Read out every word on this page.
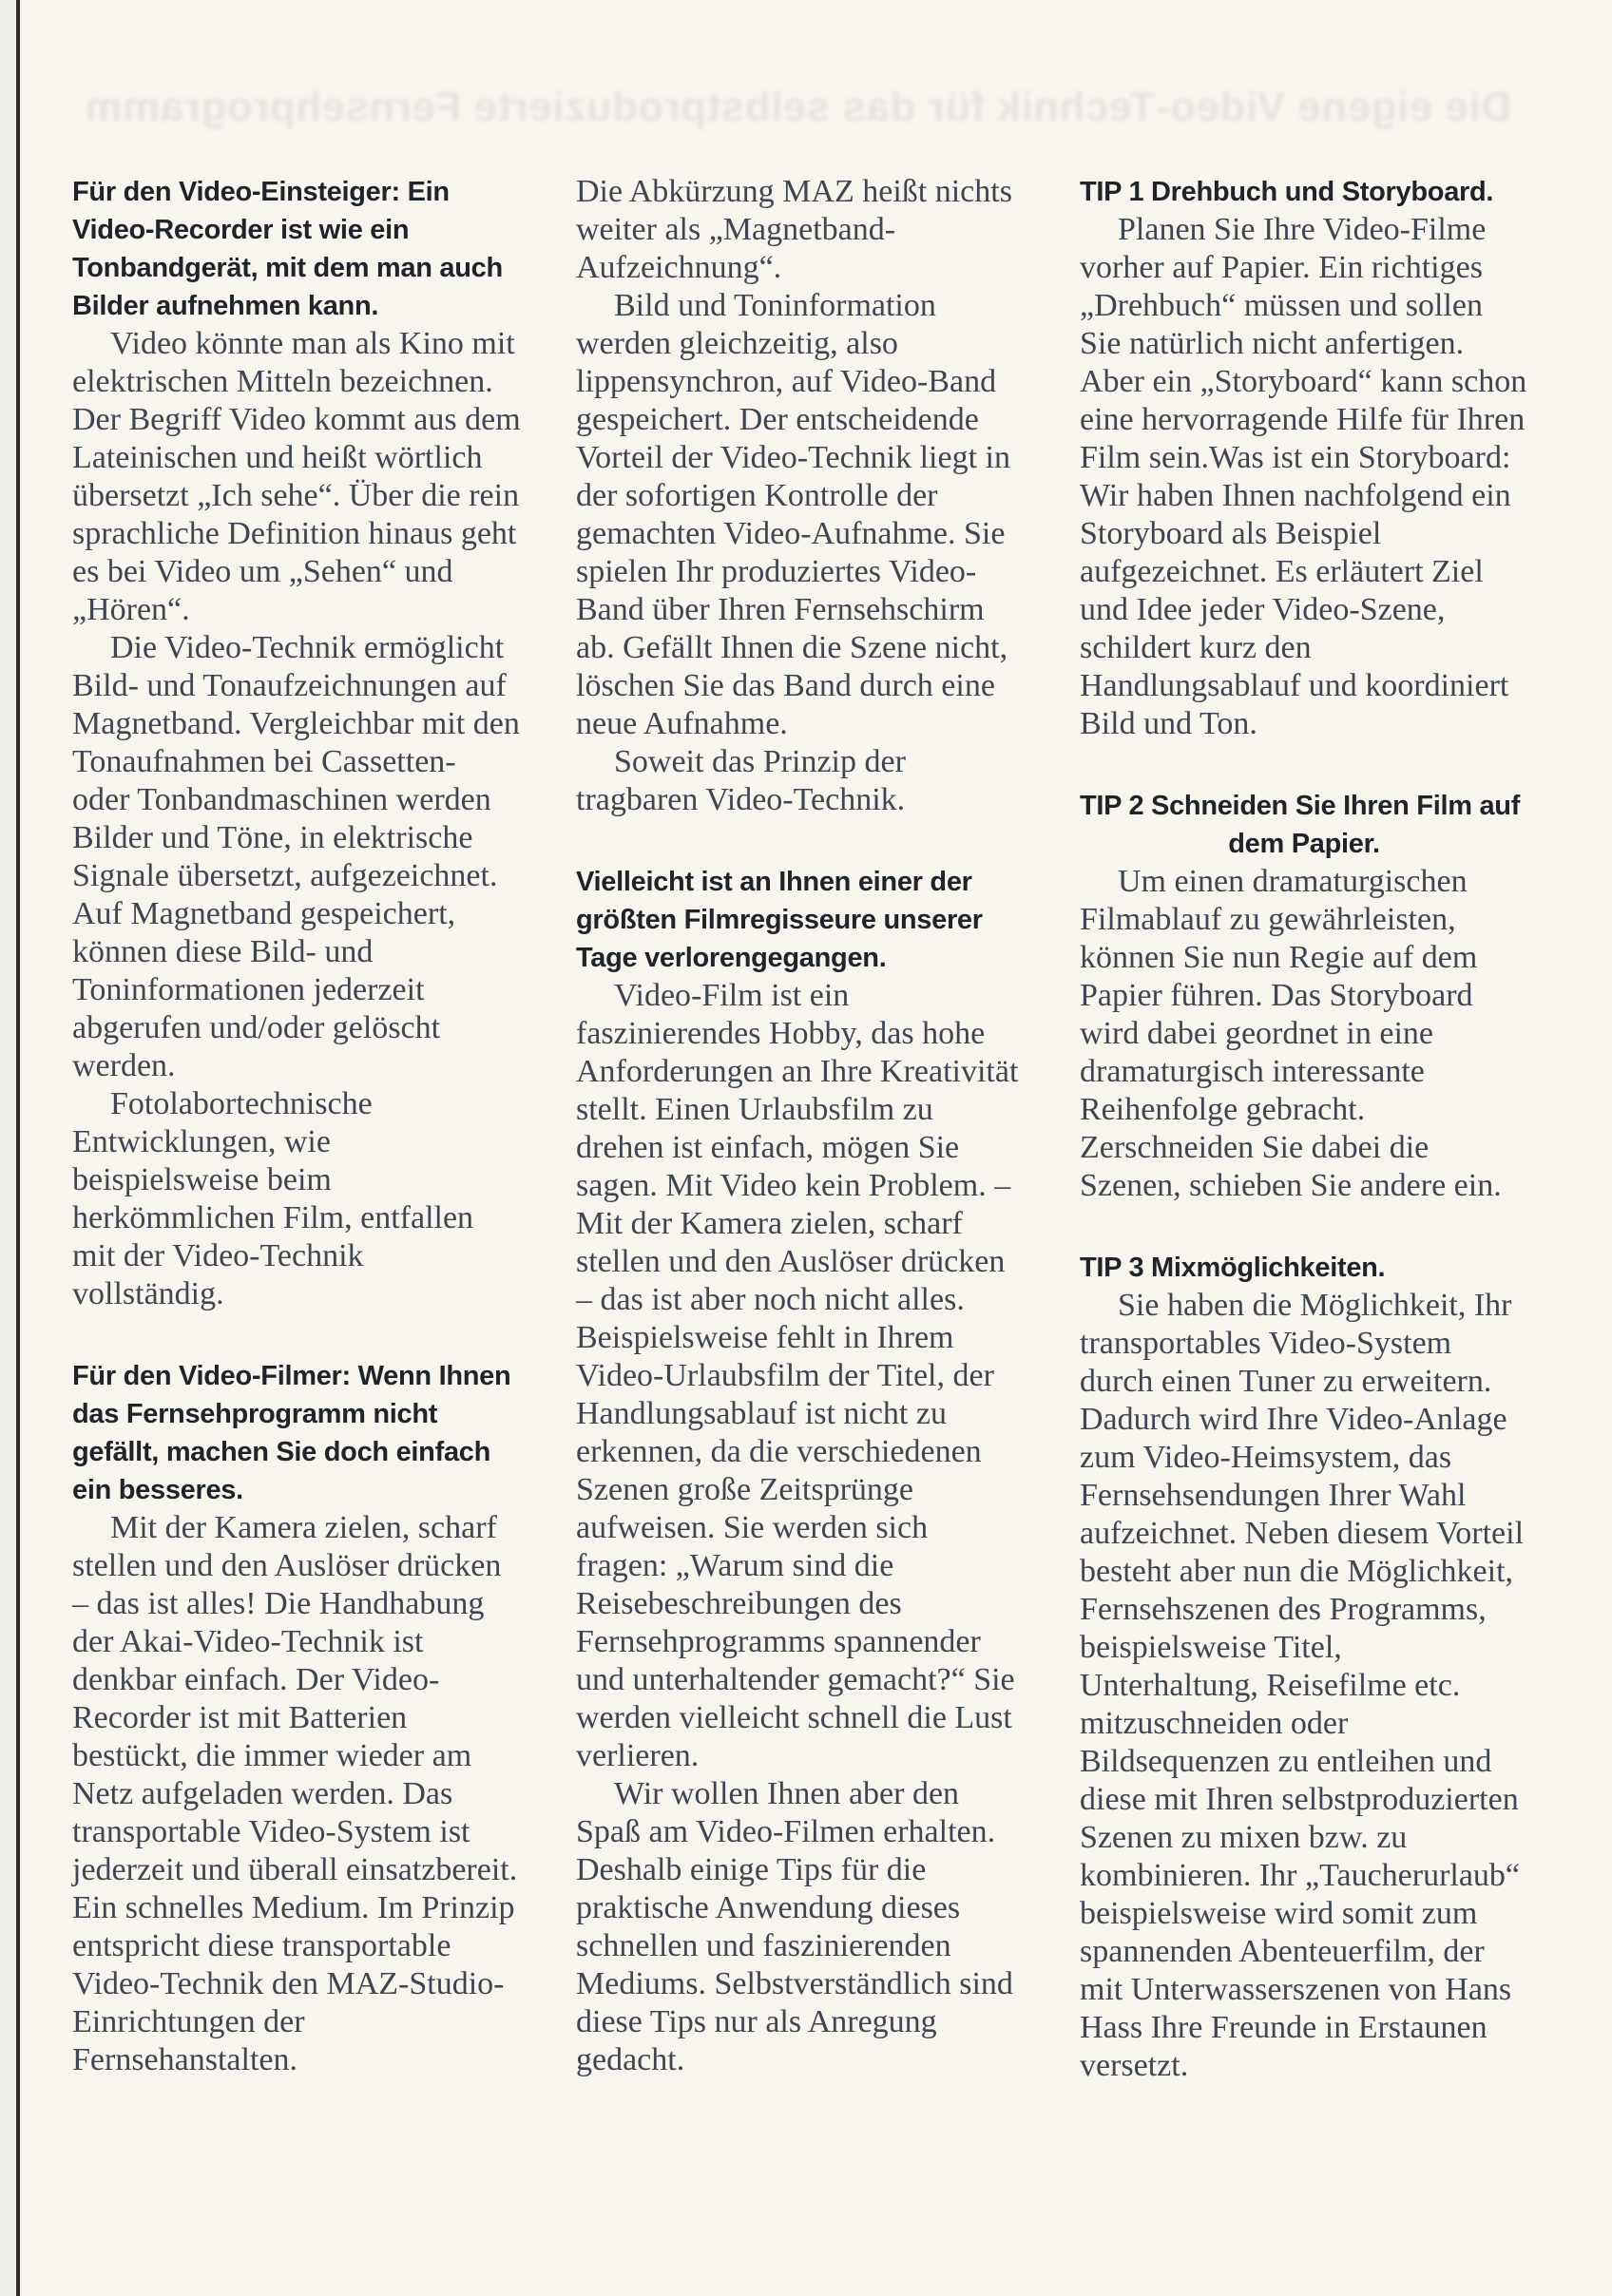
Die eigene Video-Technik für das selbstproduzierte Fernsehprogramm
Für den Video-Einsteiger: Ein Video-Recorder ist wie ein Tonbandgerät, mit dem man auch Bilder aufnehmen kann.

Video könnte man als Kino mit elektrischen Mitteln bezeichnen. Der Begriff Video kommt aus dem Lateinischen und heißt wörtlich übersetzt „Ich sehe“. Über die rein sprachliche Definition hinaus geht es bei Video um „Sehen“ und „Hören“.

Die Video-Technik ermöglicht Bild- und Tonaufzeichnungen auf Magnetband. Vergleichbar mit den Tonaufnahmen bei Cassetten- oder Tonbandmaschinen werden Bilder und Töne, in elektrische Signale übersetzt, aufgezeichnet. Auf Magnetband gespeichert, können diese Bild- und Toninformationen jederzeit abgerufen und/oder gelöscht werden.

Fotolabortechnische Entwicklungen, wie beispielsweise beim herkömmlichen Film, entfallen mit der Video-Technik vollständig.

Für den Video-Filmer: Wenn Ihnen das Fernsehprogramm nicht gefällt, machen Sie doch einfach ein besseres.

Mit der Kamera zielen, scharf stellen und den Auslöser drücken – das ist alles! Die Handhabung der Akai-Video-Technik ist denkbar einfach. Der Video-Recorder ist mit Batterien bestückt, die immer wieder am Netz aufgeladen werden. Das transportable Video-System ist jederzeit und überall einsatzbereit. Ein schnelles Medium. Im Prinzip entspricht diese transportable Video-Technik den MAZ-Studio-Einrichtungen der Fernsehanstalten.

Die Abkürzung MAZ heißt nichts weiter als „Magnetband-Aufzeichnung“.

Bild und Toninformation werden gleichzeitig, also lippensynchron, auf Video-Band gespeichert. Der entscheidende Vorteil der Video-Technik liegt in der sofortigen Kontrolle der gemachten Video-Aufnahme. Sie spielen Ihr produziertes Video-Band über Ihren Fernsehschirm ab. Gefällt Ihnen die Szene nicht, löschen Sie das Band durch eine neue Aufnahme.

Soweit das Prinzip der tragbaren Video-Technik.

Vielleicht ist an Ihnen einer der größten Filmregisseure unserer Tage verlorengegangen.

Video-Film ist ein faszinierendes Hobby, das hohe Anforderungen an Ihre Kreativität stellt. Einen Urlaubsfilm zu drehen ist einfach, mögen Sie sagen. Mit Video kein Problem. – Mit der Kamera zielen, scharf stellen und den Auslöser drücken – das ist aber noch nicht alles. Beispielsweise fehlt in Ihrem Video-Urlaubsfilm der Titel, der Handlungsablauf ist nicht zu erkennen, da die verschiedenen Szenen große Zeitsprünge aufweisen. Sie werden sich fragen: „Warum sind die Reisebeschreibungen des Fernsehprogramms spannender und unterhaltender gemacht?“ Sie werden vielleicht schnell die Lust verlieren.

Wir wollen Ihnen aber den Spaß am Video-Filmen erhalten. Deshalb einige Tips für die praktische Anwendung dieses schnellen und faszinierenden Mediums. Selbstverständlich sind diese Tips nur als Anregung gedacht.

TIP 1 Drehbuch und Storyboard.

Planen Sie Ihre Video-Filme vorher auf Papier. Ein richtiges „Drehbuch“ müssen und sollen Sie natürlich nicht anfertigen. Aber ein „Storyboard“ kann schon eine hervorragende Hilfe für Ihren Film sein.Was ist ein Storyboard: Wir haben Ihnen nachfolgend ein Storyboard als Beispiel aufgezeichnet. Es erläutert Ziel und Idee jeder Video-Szene, schildert kurz den Handlungsablauf und koordiniert Bild und Ton.

TIP 2 Schneiden Sie Ihren Film auf dem Papier.

Um einen dramaturgischen Filmablauf zu gewährleisten, können Sie nun Regie auf dem Papier führen. Das Storyboard wird dabei geordnet in eine dramaturgisch interessante Reihenfolge gebracht. Zerschneiden Sie dabei die Szenen, schieben Sie andere ein.

TIP 3 Mixmöglichkeiten.

Sie haben die Möglichkeit, Ihr transportables Video-System durch einen Tuner zu erweitern. Dadurch wird Ihre Video-Anlage zum Video-Heimsystem, das Fernsehsendungen Ihrer Wahl aufzeichnet. Neben diesem Vorteil besteht aber nun die Möglichkeit, Fernsehszenen des Programms, beispielsweise Titel, Unterhaltung, Reisefilme etc. mitzuschneiden oder Bildsequenzen zu entleihen und diese mit Ihren selbstproduzierten Szenen zu mixen bzw. zu kombinieren. Ihr „Taucherurlaub“ beispielsweise wird somit zum spannenden Abenteuerfilm, der mit Unterwasserszenen von Hans Hass Ihre Freunde in Erstaunen versetzt.
